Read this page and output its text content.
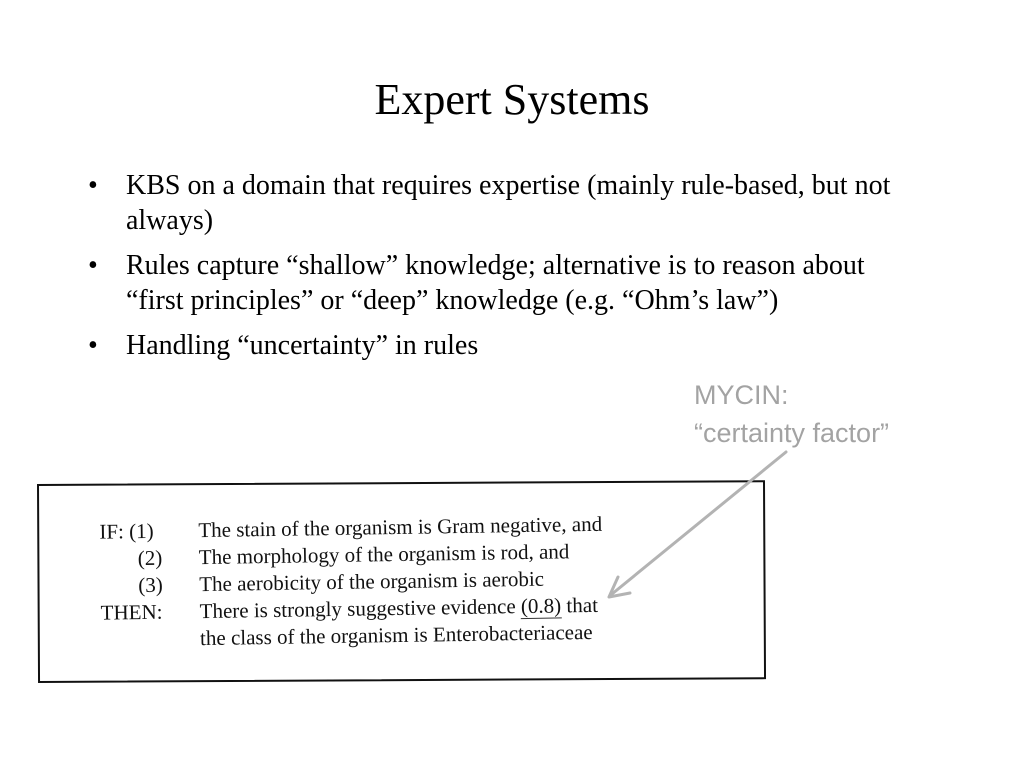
Expert Systems
• KBS on a domain that requires expertise (mainly rule-based, but not always)
• Rules capture “shallow” knowledge; alternative is to reason about “first principles” or “deep” knowledge (e.g. “Ohm’s law”)
• Handling “uncertainty” in rules
MYCIN:
“certainty factor”
IF: (1)	The stain of the organism is Gram negative, and
(2)	The morphology of the organism is rod, and
(3)	The aerobicity of the organism is aerobic
THEN:	There is strongly suggestive evidence (0.8) that
the class of the organism is Enterobacteriaceae
